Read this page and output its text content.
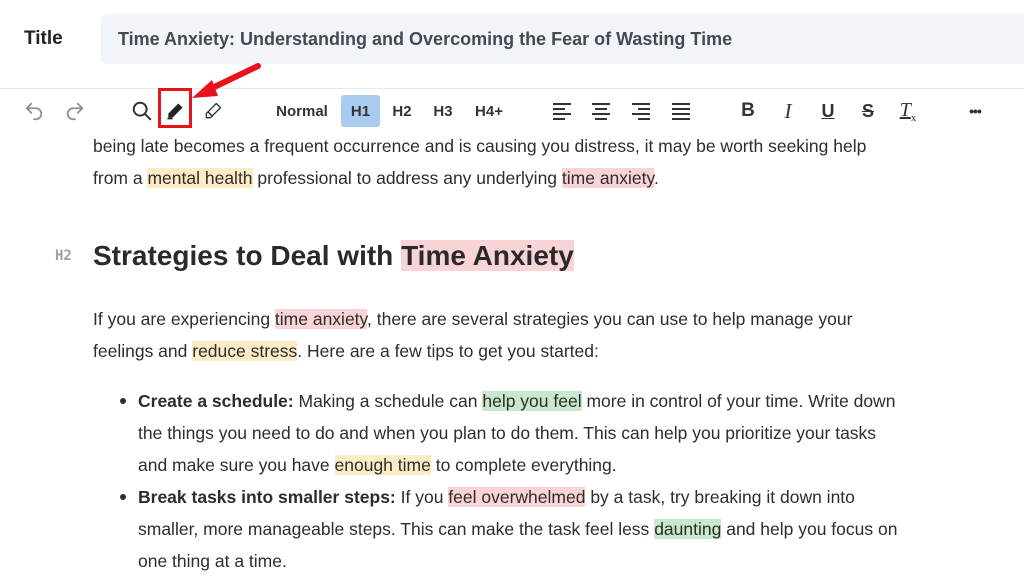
Title	Time Anxiety: Understanding and Overcoming the Fear of Wasting Time
being late becomes a frequent occurrence and is causing you distress, it may be worth seeking help
from a mental health professional to address any underlying time anxiety.
H2 Strategies to Deal with Time Anxiety
If you are experiencing time anxiety, there are several strategies you can use to help manage your
feelings and reduce stress. Here are a few tips to get you started:
Create a schedule: Making a schedule can help you feel more in control of your time. Write down
the things you need to do and when you plan to do them. This can help you prioritize your tasks
and make sure you have enough time to complete everything.
Break tasks into smaller steps: If you feel overwhelmed by a task, try breaking it down into
smaller, more manageable steps. This can make the task feel less daunting and help you focus on
one thing at a time.
Normal H1 H2 H3 H4+	B I U S $T_x$	•••
